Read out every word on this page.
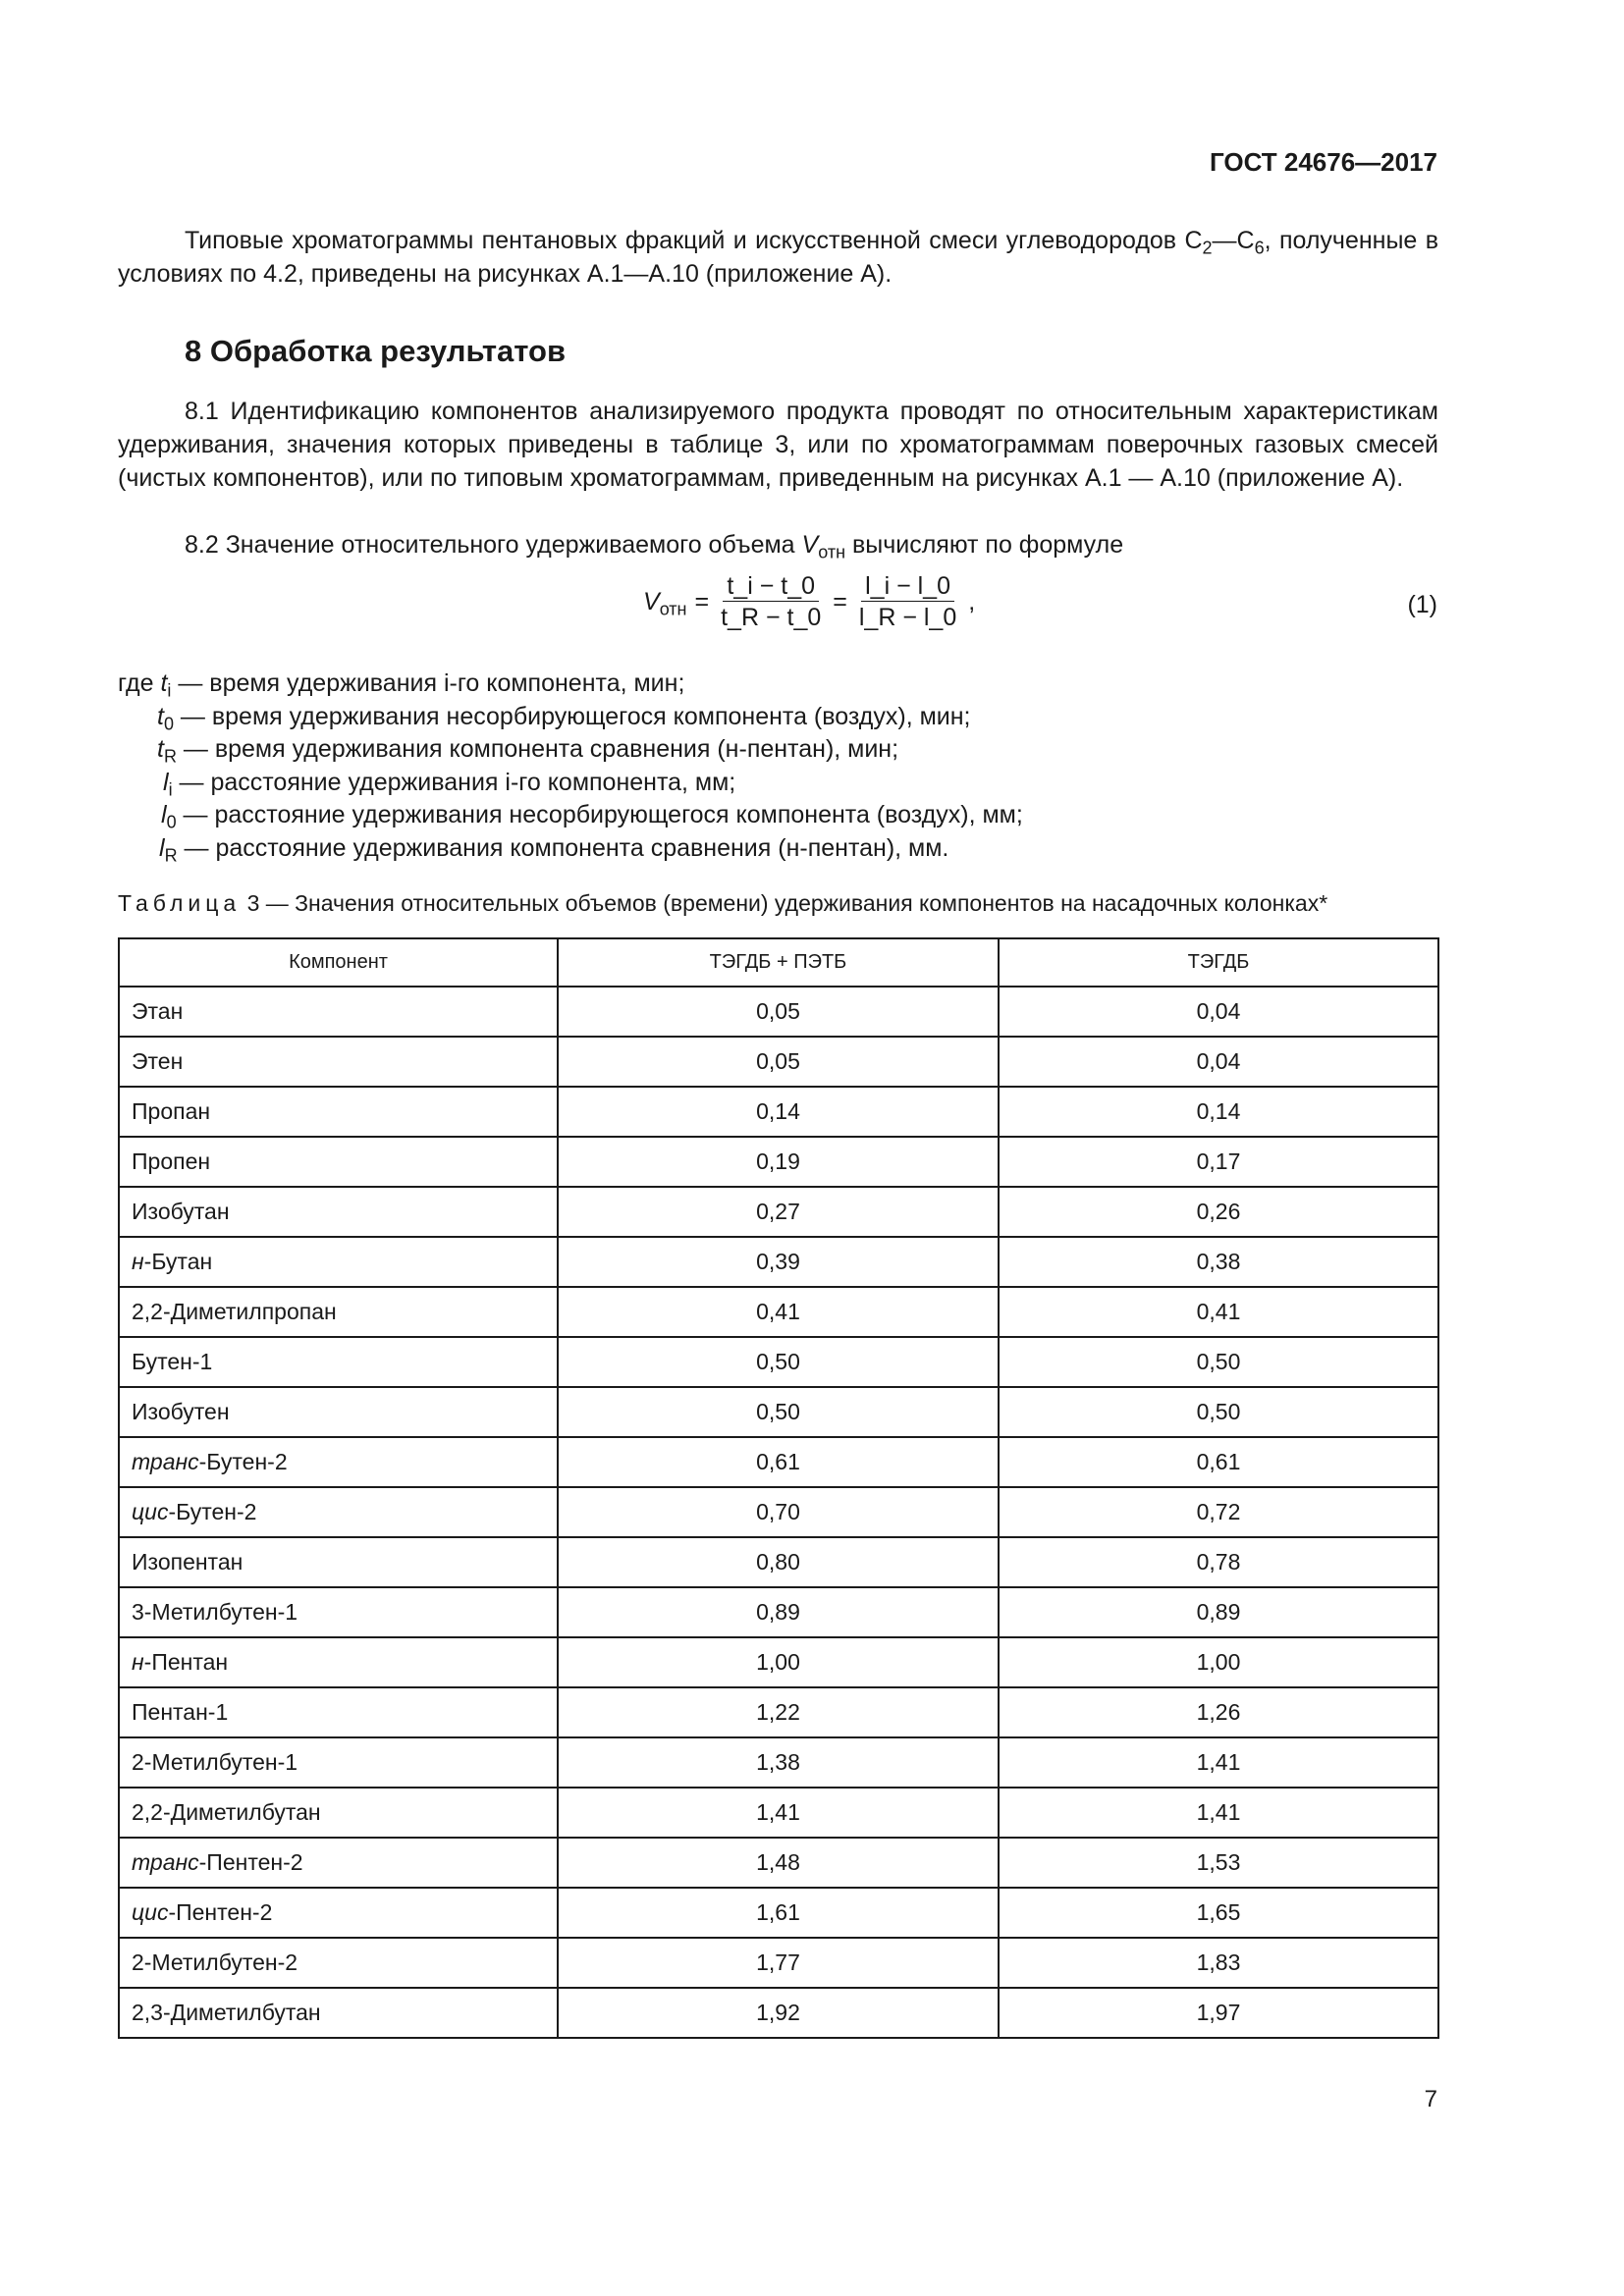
ГОСТ 24676—2017
Типовые хроматограммы пентановых фракций и искусственной смеси углеводородов $С_2—С_6$, полученные в условиях по 4.2, приведены на рисунках А.1—А.10 (приложение А).
8 Обработка результатов
8.1 Идентификацию компонентов анализируемого продукта проводят по относительным характеристикам удерживания, значения которых приведены в таблице 3, или по хроматограммам поверочных газовых смесей (чистых компонентов), или по типовым хроматограммам, приведенным на рисунках А.1 — А.10 (приложение А).
8.2 Значение относительного удерживаемого объема $V_{отн}$ вычисляют по формуле
$V_{отн} = \frac{t\_i - t\_0}{t\_R - t\_0} = \frac{l\_i - l\_0}{l\_R - l\_0}$ ,	(1)
где $t_i$ — время удерживания i-го компонента, мин;
$t_0$ — время удерживания несорбирующегося компонента (воздух), мин;
$t_R$ — время удерживания компонента сравнения (н-пентан), мин;
$l_i$ — расстояние удерживания i-го компонента, мм;
$l_0$ — расстояние удерживания несорбирующегося компонента (воздух), мм;
$l_R$ — расстояние удерживания компонента сравнения (н-пентан), мм.
Таблица 3 — Значения относительных объемов (времени) удерживания компонентов на насадочных колонках*
Компонент	ТЭГДБ + ПЭТБ	ТЭГДБ
Этан	0,05	0,04
Этен	0,05	0,04
Пропан	0,14	0,14
Пропен	0,19	0,17
Изобутан	0,27	0,26
н-Бутан	0,39	0,38
2,2-Диметилпропан	0,41	0,41
Бутен-1	0,50	0,50
Изобутен	0,50	0,50
транс-Бутен-2	0,61	0,61
цис-Бутен-2	0,70	0,72
Изопентан	0,80	0,78
3-Метилбутен-1	0,89	0,89
н-Пентан	1,00	1,00
Пентан-1	1,22	1,26
2-Метилбутен-1	1,38	1,41
2,2-Диметилбутан	1,41	1,41
транс-Пентен-2	1,48	1,53
цис-Пентен-2	1,61	1,65
2-Метилбутен-2	1,77	1,83
2,3-Диметилбутан	1,92	1,97
7
